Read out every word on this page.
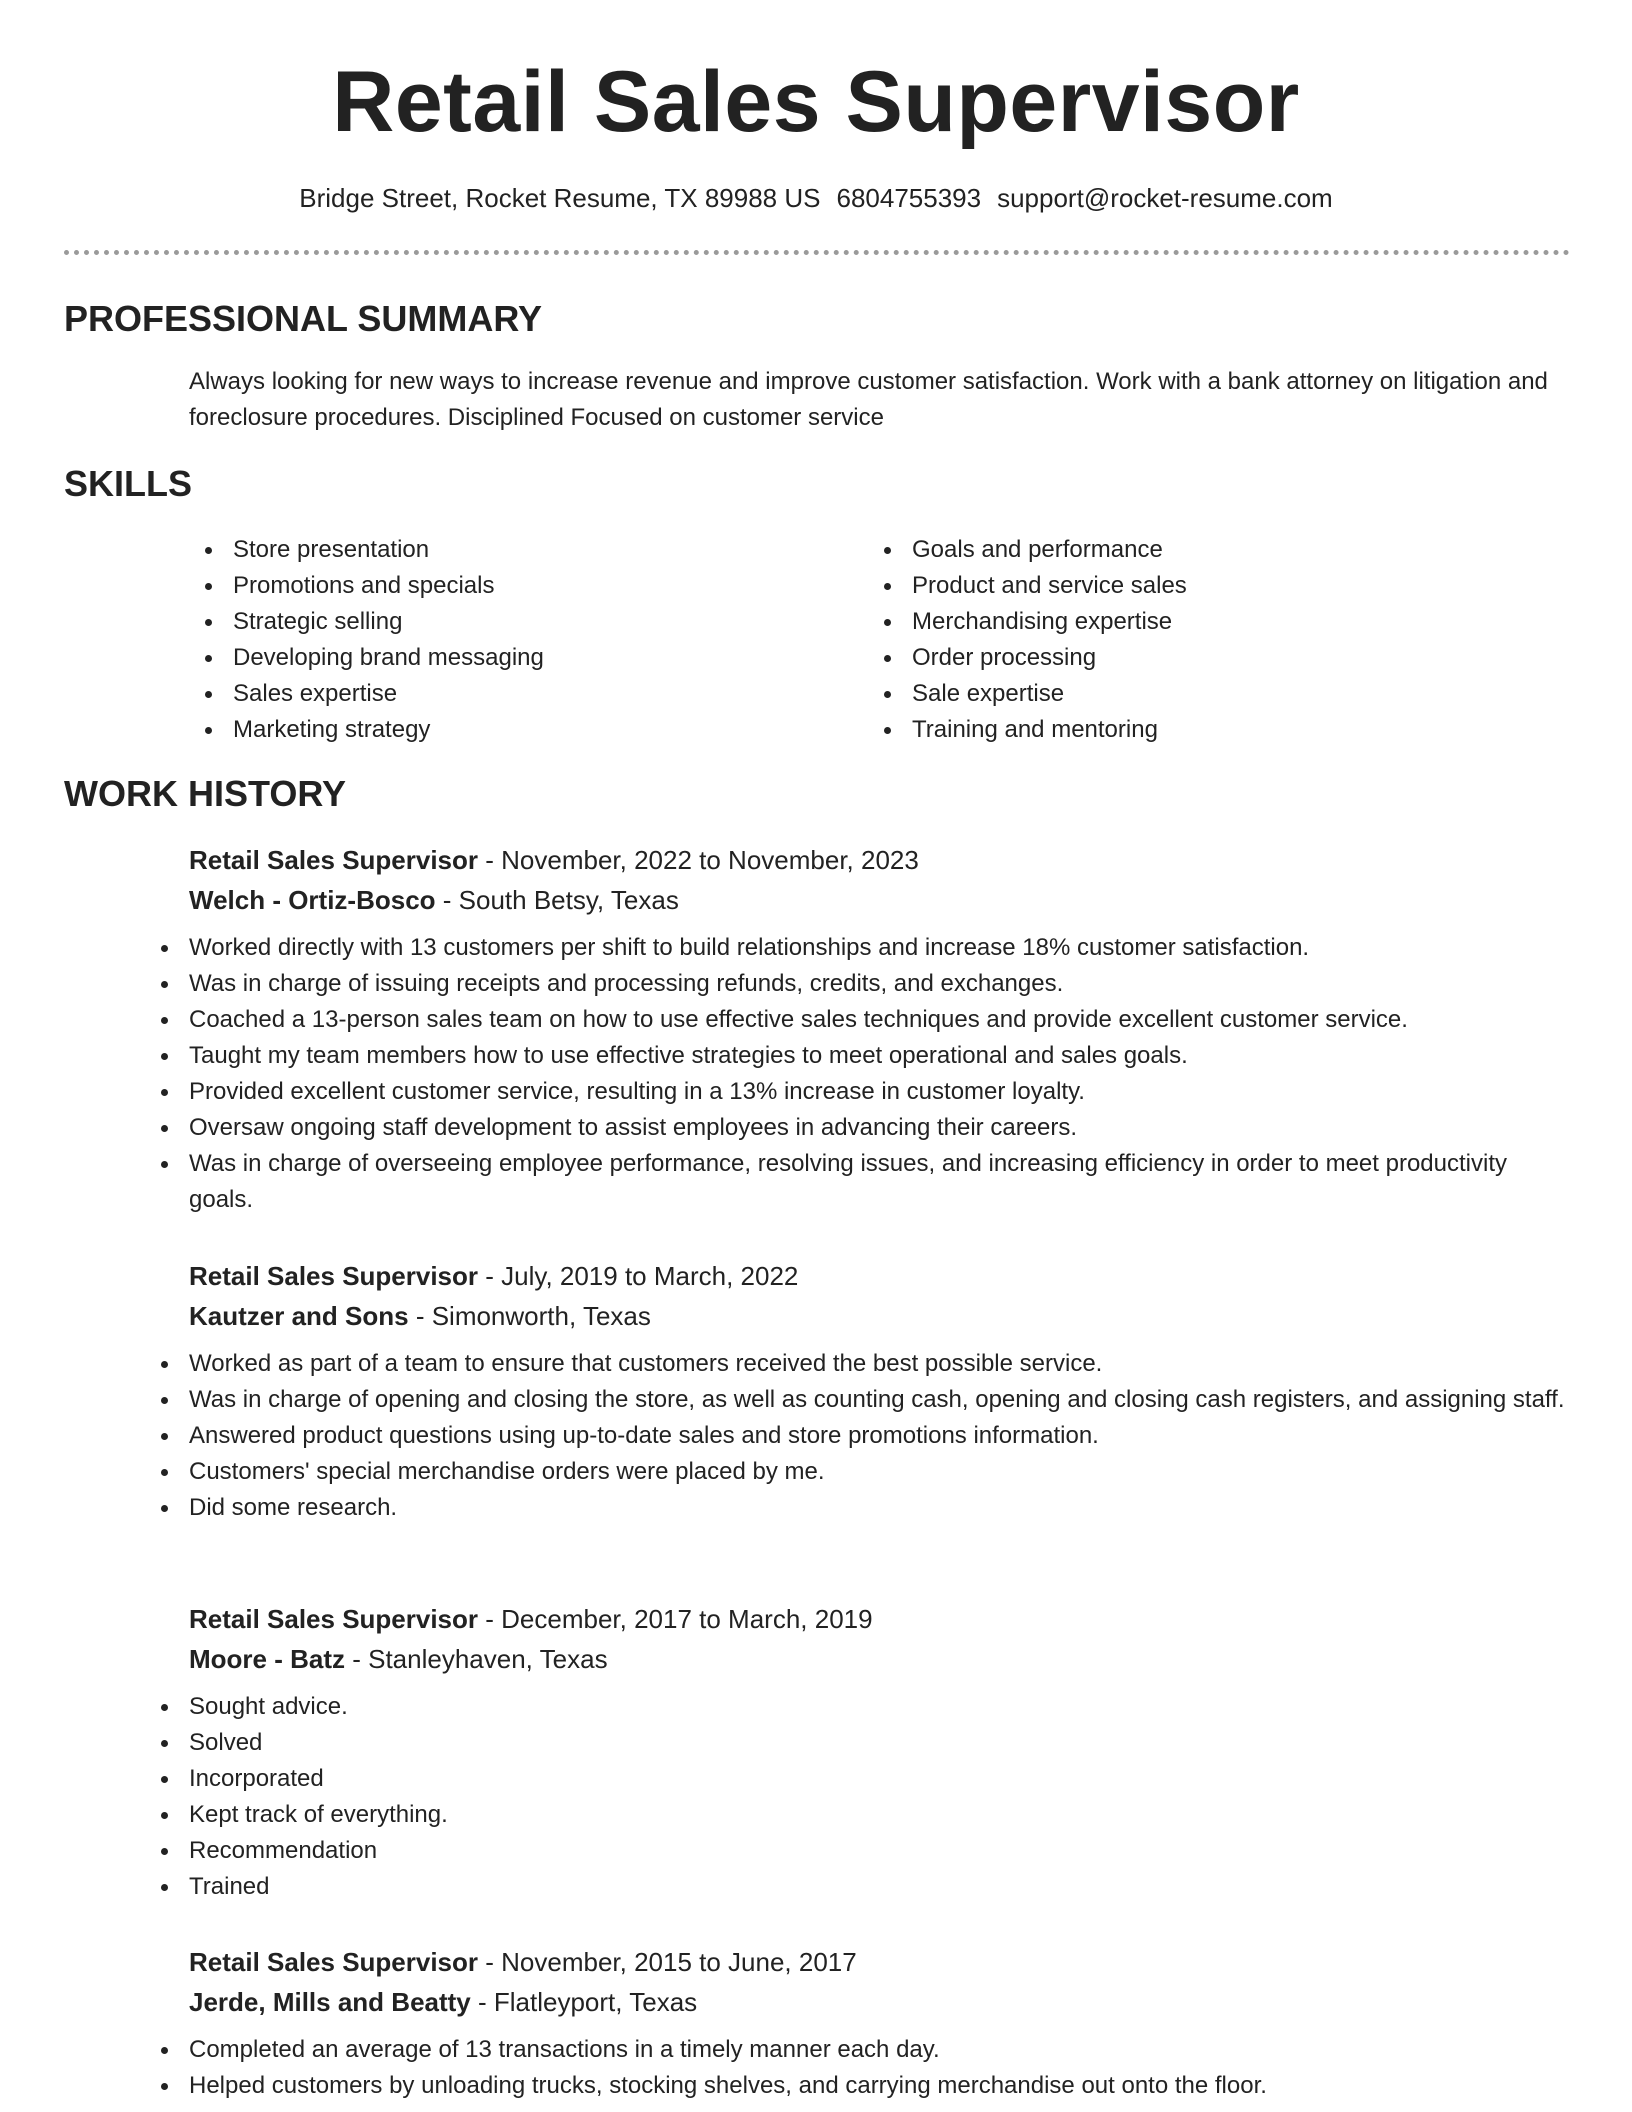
Retail Sales Supervisor
Bridge Street, Rocket Resume, TX 89988 US 6804755393 support@rocket-resume.com
PROFESSIONAL SUMMARY

Always looking for new ways to increase revenue and improve customer satisfaction. Work with a bank attorney on litigation and foreclosure procedures. Disciplined Focused on customer service

SKILLS
Store presentation
Promotions and specials
Strategic selling
Developing brand messaging
Sales expertise
Marketing strategy
Goals and performance
Product and service sales
Merchandising expertise
Order processing
Sale expertise
Training and mentoring
WORK HISTORY

Retail Sales Supervisor - November, 2022 to November, 2023

Welch - Ortiz-Bosco - South Betsy, Texas

Worked directly with 13 customers per shift to build relationships and increase 18% customer satisfaction.
Was in charge of issuing receipts and processing refunds, credits, and exchanges.
Coached a 13-person sales team on how to use effective sales techniques and provide excellent customer service.
Taught my team members how to use effective strategies to meet operational and sales goals.
Provided excellent customer service, resulting in a 13% increase in customer loyalty.
Oversaw ongoing staff development to assist employees in advancing their careers.
Was in charge of overseeing employee performance, resolving issues, and increasing efficiency in order to meet productivity goals.

Retail Sales Supervisor - July, 2019 to March, 2022

Kautzer and Sons - Simonworth, Texas

Worked as part of a team to ensure that customers received the best possible service.
Was in charge of opening and closing the store, as well as counting cash, opening and closing cash registers, and assigning staff.
Answered product questions using up-to-date sales and store promotions information.
Customers' special merchandise orders were placed by me.
Did some research.

Retail Sales Supervisor - December, 2017 to March, 2019

Moore - Batz - Stanleyhaven, Texas

Sought advice.
Solved
Incorporated
Kept track of everything.
Recommendation
Trained

Retail Sales Supervisor - November, 2015 to June, 2017

Jerde, Mills and Beatty - Flatleyport, Texas

Completed an average of 13 transactions in a timely manner each day.
Helped customers by unloading trucks, stocking shelves, and carrying merchandise out onto the floor.
